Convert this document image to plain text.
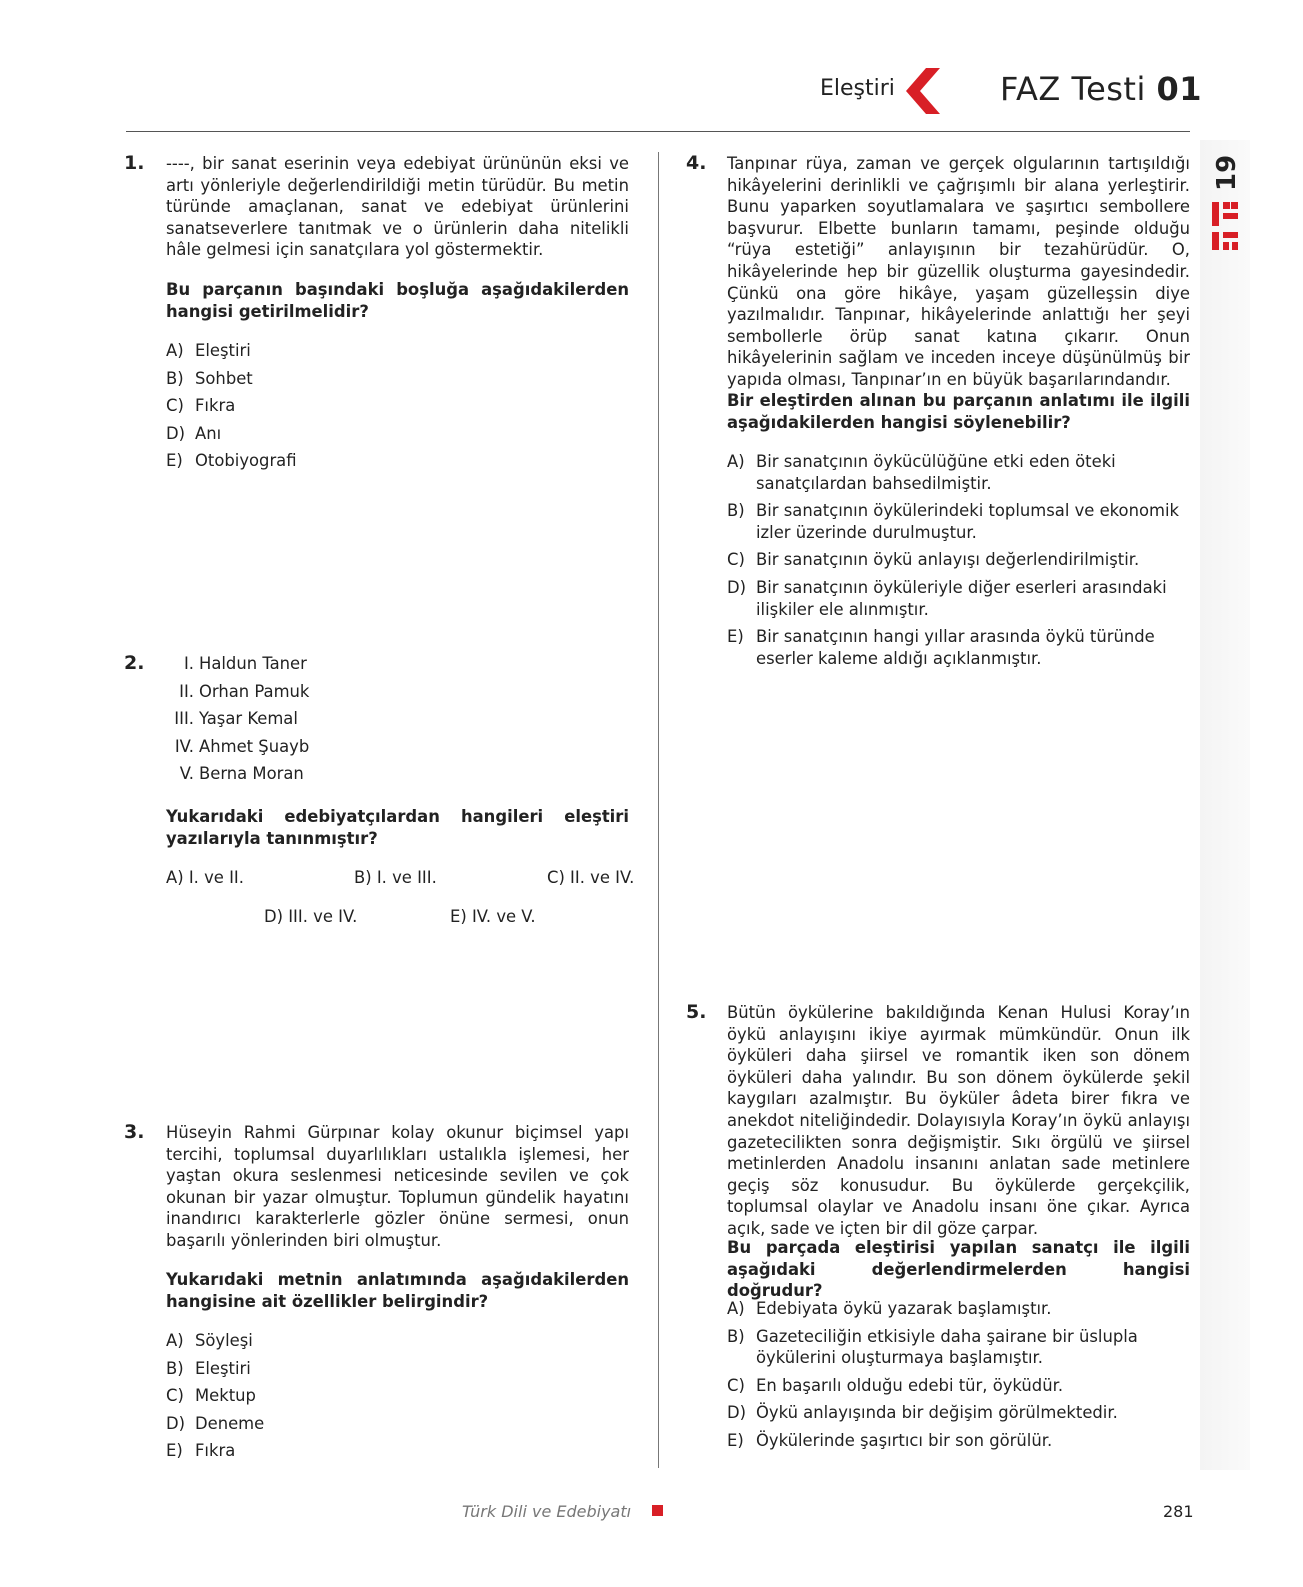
Eleştiri	FAZ Testi 01
19
1. ----, bir sanat eserinin veya edebiyat ürününün eksi ve artı yönleriyle değerlendirildiği metin türüdür. Bu metin türünde amaçlanan, sanat ve edebiyat ürünlerini sanatseverlere tanıtmak ve o ürünlerin daha nitelikli hâle gelmesi için sanatçılara yol göstermektir.
Bu parçanın başındaki boşluğa aşağıdakilerden hangisi getirilmelidir?
A) Eleştiri
B) Sohbet
C) Fıkra
D) Anı
E) Otobiyografi
2.	I. Haldun Taner
II. Orhan Pamuk
III. Yaşar Kemal
IV. Ahmet Şuayb
V. Berna Moran
Yukarıdaki edebiyatçılardan hangileri eleştiri yazılarıyla tanınmıştır?
A) I. ve II.	B) I. ve III.	C) II. ve IV.
D) III. ve IV.	E) IV. ve V.
3. Hüseyin Rahmi Gürpınar kolay okunur biçimsel yapı tercihi, toplumsal duyarlılıkları ustalıkla işlemesi, her yaştan okura seslenmesi neticesinde sevilen ve çok okunan bir yazar olmuştur. Toplumun gündelik hayatını inandırıcı karakterlerle gözler önüne sermesi, onun başarılı yönlerinden biri olmuştur.
Yukarıdaki metnin anlatımında aşağıdakilerden hangisine ait özellikler belirgindir?
A) Söyleşi
B) Eleştiri
C) Mektup
D) Deneme
E) Fıkra
4. Tanpınar rüya, zaman ve gerçek olgularının tartışıldığı hikâyelerini derinlikli ve çağrışımlı bir alana yerleştirir. Bunu yaparken soyutlamalara ve şaşırtıcı sembollere başvurur. Elbette bunların tamamı, peşinde olduğu “rüya estetiği” anlayışının bir tezahürüdür. O, hikâyelerinde hep bir güzellik oluşturma gayesindedir. Çünkü ona göre hikâye, yaşam güzelleşsin diye yazılmalıdır. Tanpınar, hikâyelerinde anlattığı her şeyi sembollerle örüp sanat katına çıkarır. Onun hikâyelerinin sağlam ve inceden inceye düşünülmüş bir yapıda olması, Tanpınar’ın en büyük başarılarındandır.
Bir eleştirden alınan bu parçanın anlatımı ile ilgili aşağıdakilerden hangisi söylenebilir?
A) Bir sanatçının öykücülüğüne etki eden öteki sanatçılardan bahsedilmiştir.
B) Bir sanatçının öykülerindeki toplumsal ve ekonomik izler üzerinde durulmuştur.
C) Bir sanatçının öykü anlayışı değerlendirilmiştir.
D) Bir sanatçının öyküleriyle diğer eserleri arasındaki ilişkiler ele alınmıştır.
E) Bir sanatçının hangi yıllar arasında öykü türünde eserler kaleme aldığı açıklanmıştır.
5. Bütün öykülerine bakıldığında Kenan Hulusi Koray’ın öykü anlayışını ikiye ayırmak mümkündür. Onun ilk öyküleri daha şiirsel ve romantik iken son dönem öyküleri daha yalındır. Bu son dönem öykülerde şekil kaygıları azalmıştır. Bu öyküler âdeta birer fıkra ve anekdot niteliğindedir. Dolayısıyla Koray’ın öykü anlayışı gazetecilikten sonra değişmiştir. Sıkı örgülü ve şiirsel metinlerden Anadolu insanını anlatan sade metinlere geçiş söz konusudur. Bu öykülerde gerçekçilik, toplumsal olaylar ve Anadolu insanı öne çıkar. Ayrıca açık, sade ve içten bir dil göze çarpar.
Bu parçada eleştirisi yapılan sanatçı ile ilgili aşağıdaki değerlendirmelerden hangisi doğrudur?
A) Edebiyata öykü yazarak başlamıştır.
B) Gazeteciliğin etkisiyle daha şairane bir üslupla öykülerini oluşturmaya başlamıştır.
C) En başarılı olduğu edebi tür, öyküdür.
D) Öykü anlayışında bir değişim görülmektedir.
E) Öykülerinde şaşırtıcı bir son görülür.
Türk Dili ve Edebiyatı	281
